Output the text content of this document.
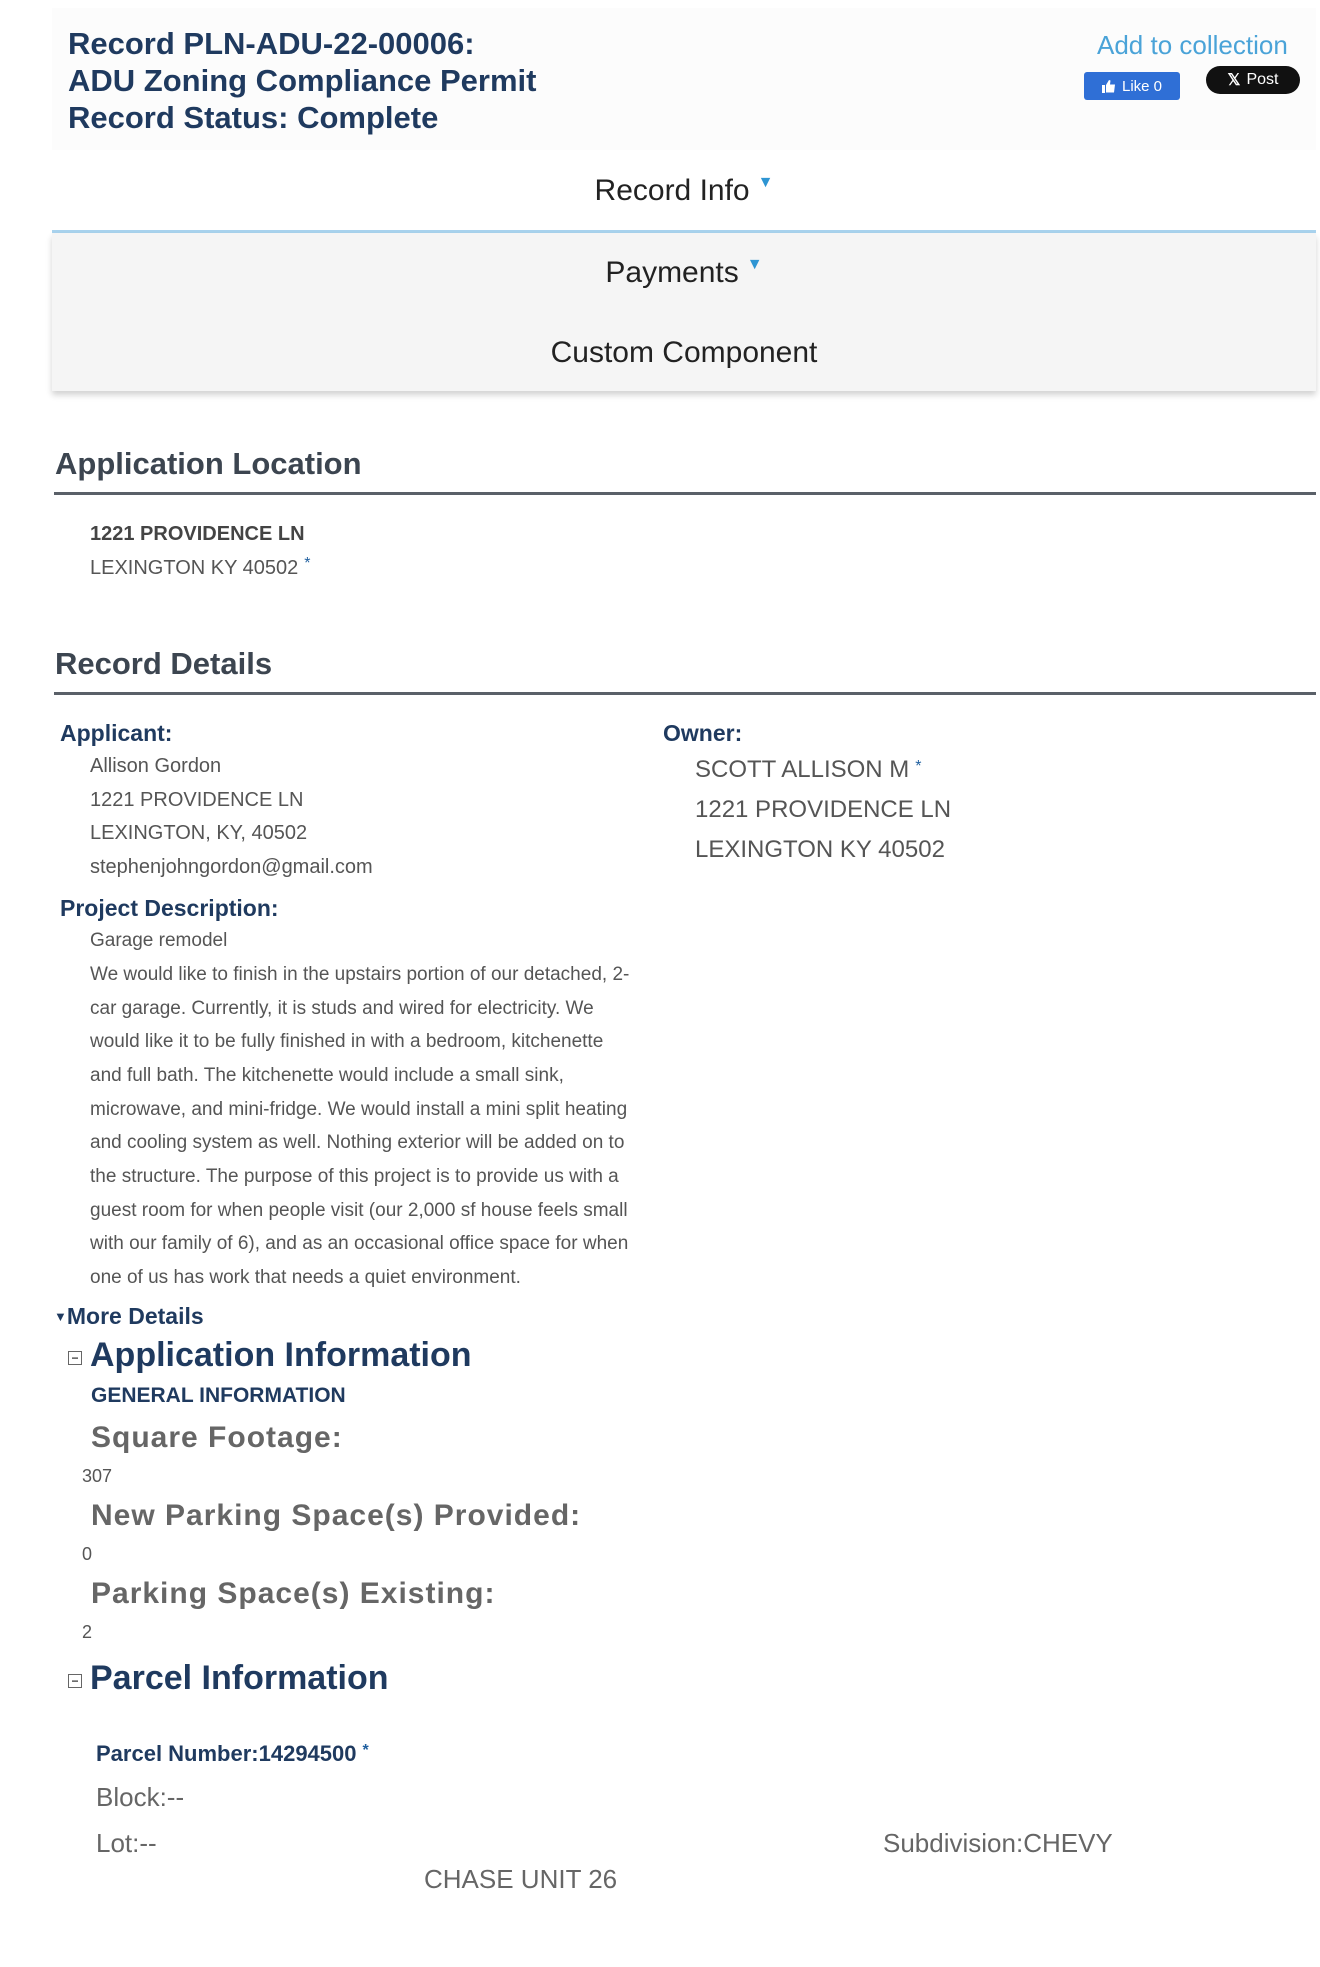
Record PLN-ADU-22-00006:
ADU Zoning Compliance Permit
Record Status: Complete
Add to collection
Like 0	𝕏 Post
Record Info ▼
Payments ▼
Custom Component
Application Location
1221 PROVIDENCE LN
LEXINGTON KY 40502 *
Record Details
Applicant:
Allison Gordon
1221 PROVIDENCE LN
LEXINGTON, KY, 40502
stephenjohngordon@gmail.com
Owner:
SCOTT ALLISON M *
1221 PROVIDENCE LN
LEXINGTON KY 40502
Project Description:
Garage remodel
We would like to finish in the upstairs portion of our detached, 2-
car garage. Currently, it is studs and wired for electricity. We
would like it to be fully finished in with a bedroom, kitchenette
and full bath. The kitchenette would include a small sink,
microwave, and mini-fridge. We would install a mini split heating
and cooling system as well. Nothing exterior will be added on to
the structure. The purpose of this project is to provide us with a
guest room for when people visit (our 2,000 sf house feels small
with our family of 6), and as an occasional office space for when
one of us has work that needs a quiet environment.
▼More Details
− Application Information
GENERAL INFORMATION
Square Footage:
307
New Parking Space(s) Provided:
0
Parking Space(s) Existing:
2
− Parcel Information
Parcel Number:14294500 *
Block:--
Lot:--	Subdivision:CHEVY
CHASE UNIT 26
